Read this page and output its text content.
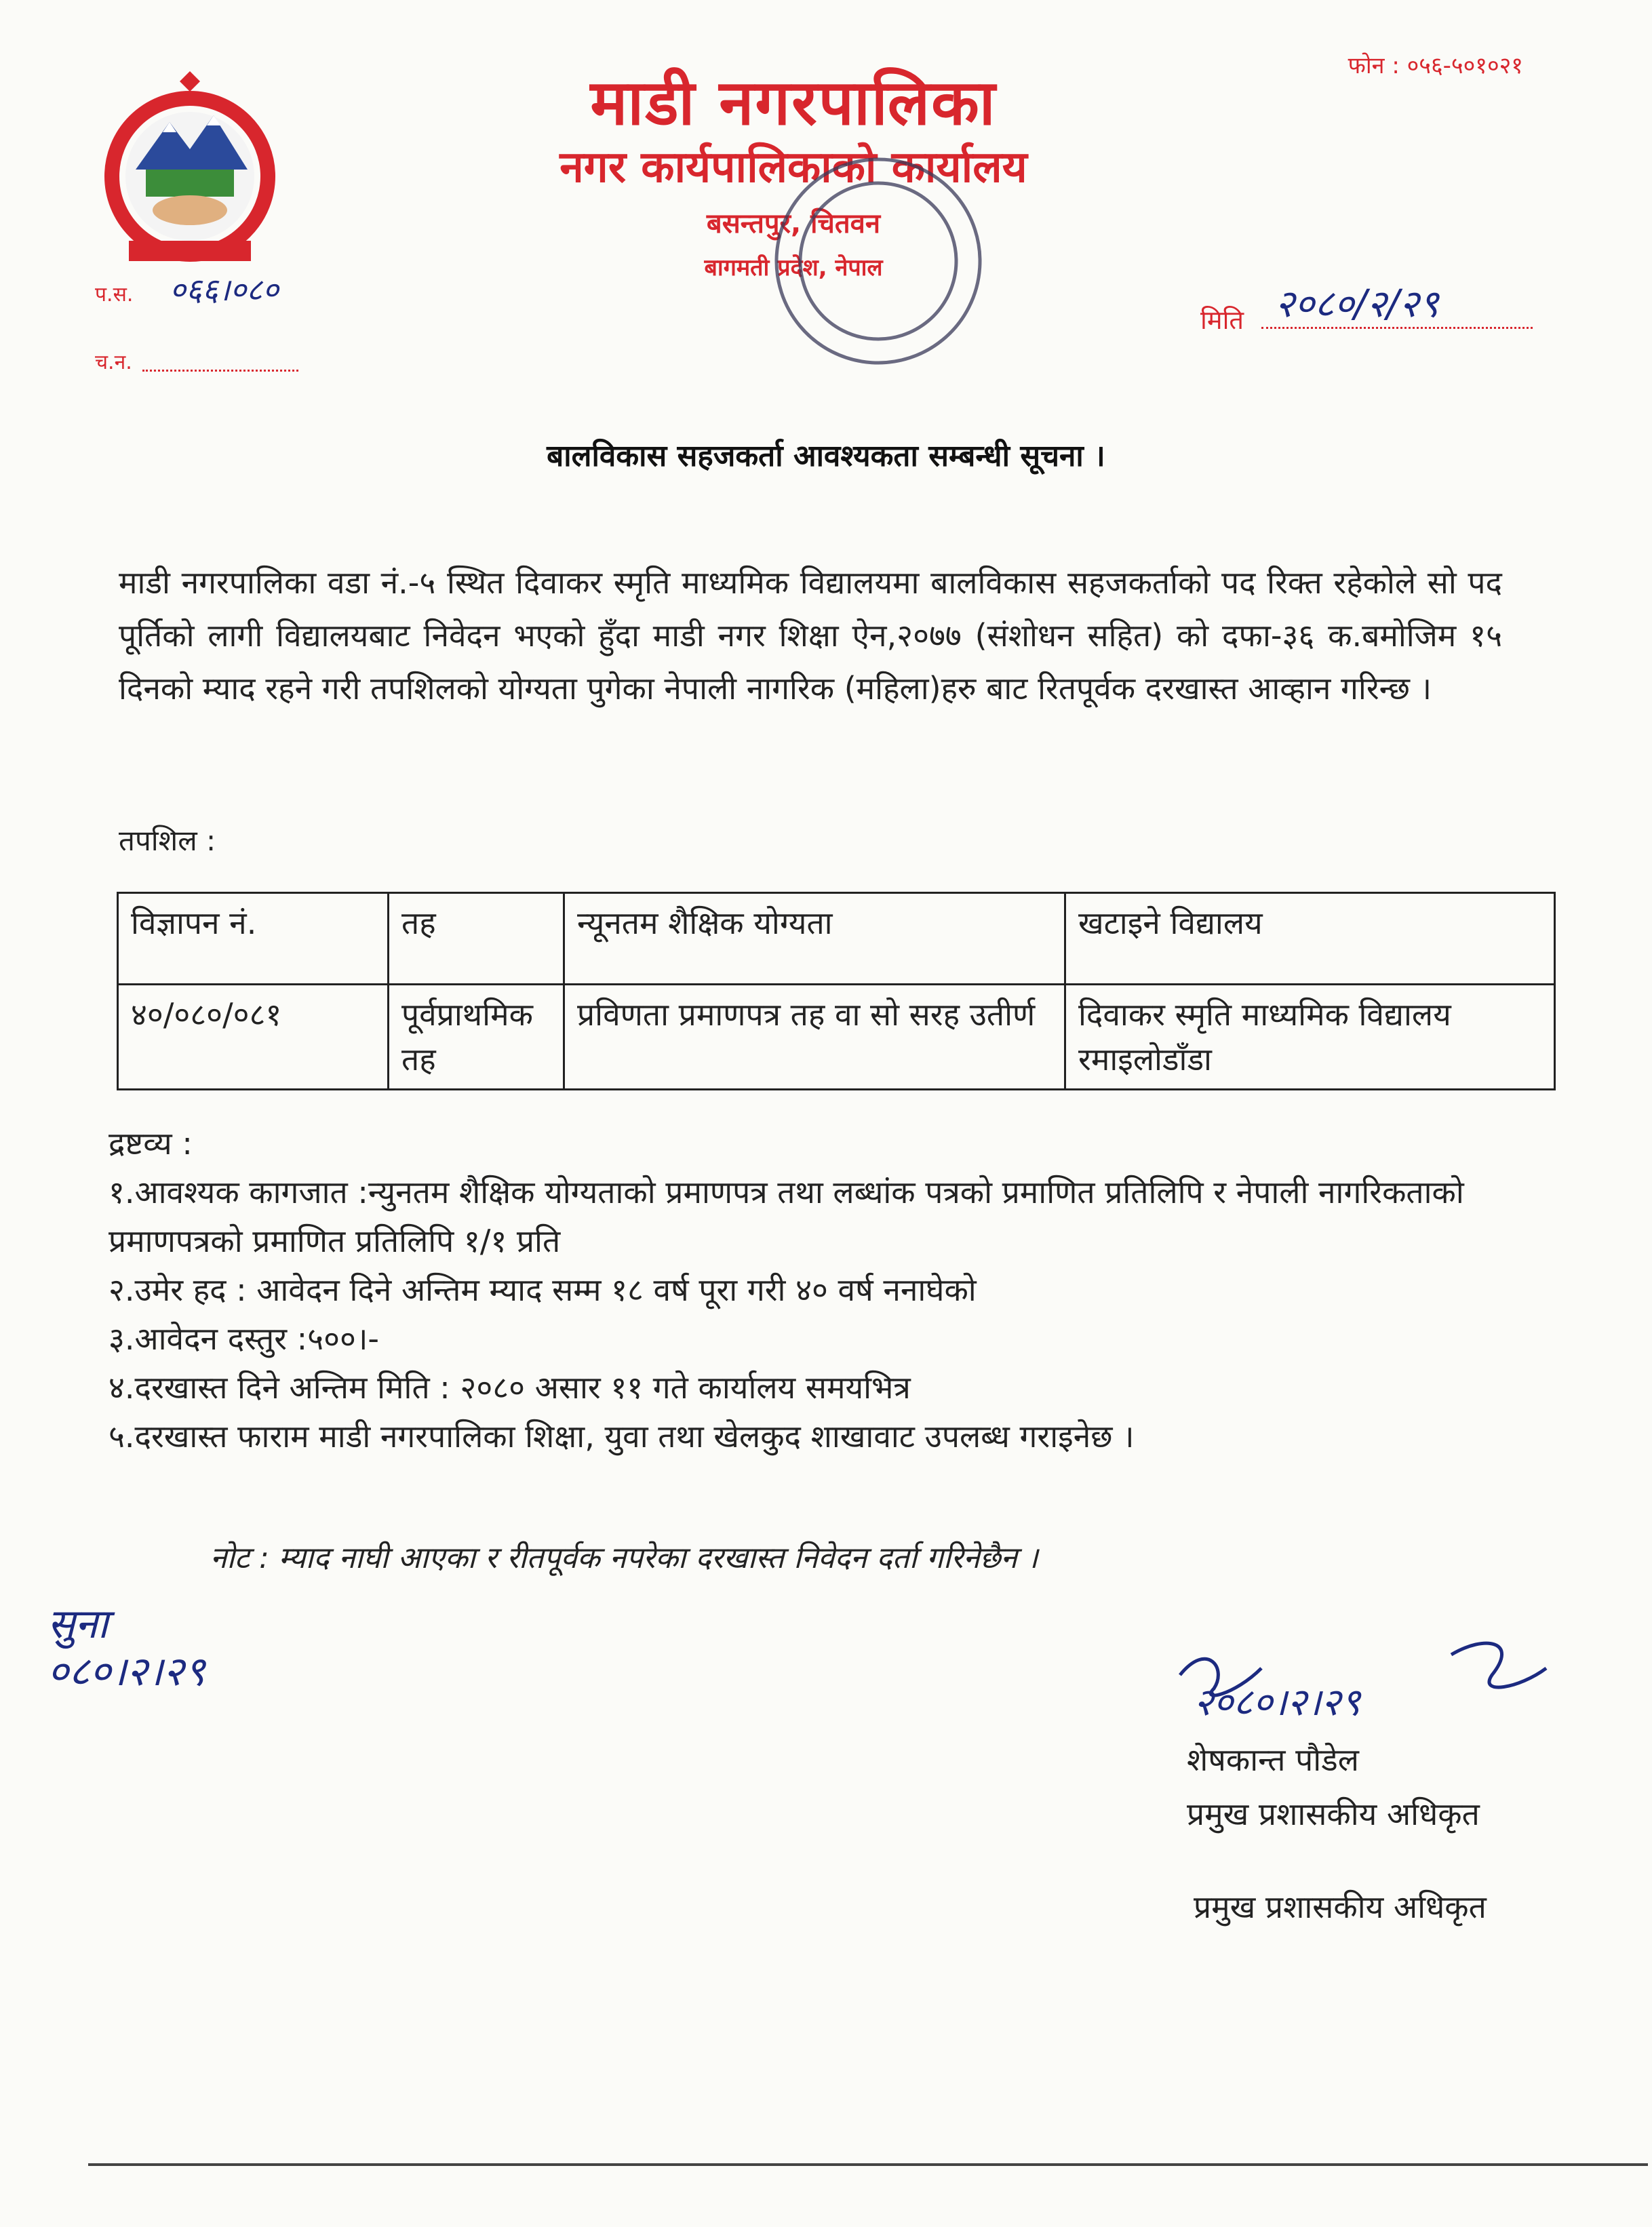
माडी नगरपालिका
नगर कार्यपालिकाको कार्यालय
बसन्तपुर, चितवन
बागमती प्रदेश, नेपाल
फोन : ०५६-५०१०२१
प.स. ०६६।०८०
च.न.
मिति २०८०/२/२९
बालविकास सहजकर्ता आवश्यकता सम्बन्धी सूचना ।
माडी नगरपालिका वडा नं.-५ स्थित दिवाकर स्मृति माध्यमिक विद्यालयमा बालविकास सहजकर्ताको पद रिक्त रहेकोले सो पद पूर्तिको लागी विद्यालयबाट निवेदन भएको हुँदा माडी नगर शिक्षा ऐन,२०७७ (संशोधन सहित) को दफा-३६ क.बमोजिम १५ दिनको म्याद रहने गरी तपशिलको योग्यता पुगेका नेपाली नागरिक (महिला)हरु बाट रितपूर्वक दरखास्त आव्हान गरिन्छ ।
तपशिल :
विज्ञापन नं.	तह	न्यूनतम शैक्षिक योग्यता	खटाइने विद्यालय
४०/०८०/०८१	पूर्वप्राथमिक तह	प्रविणता प्रमाणपत्र तह वा सो सरह उतीर्ण	दिवाकर स्मृति माध्यमिक विद्यालय रमाइलोडाँडा
द्रष्टव्य :
१.आवश्यक कागजात :न्युनतम शैक्षिक योग्यताको प्रमाणपत्र तथा लब्धांक पत्रको प्रमाणित प्रतिलिपि र नेपाली नागरिकताको प्रमाणपत्रको प्रमाणित प्रतिलिपि १/१ प्रति
२.उमेर हद : आवेदन दिने अन्तिम म्याद सम्म १८ वर्ष पूरा गरी ४० वर्ष ननाघेको
३.आवेदन दस्तुर :५००।-
४.दरखास्त दिने अन्तिम मिति : २०८० असार ११ गते कार्यालय समयभित्र
५.दरखास्त फाराम माडी नगरपालिका शिक्षा, युवा तथा खेलकुद शाखावाट उपलब्ध गराइनेछ ।
नोट : म्याद नाघी आएका र रीतपूर्वक नपरेका दरखास्त निवेदन दर्ता गरिनेछैन ।
सुना
०८०।२।२९
२०८०।२।२९
शेषकान्त पौडेल
प्रमुख प्रशासकीय अधिकृत
प्रमुख प्रशासकीय अधिकृत
